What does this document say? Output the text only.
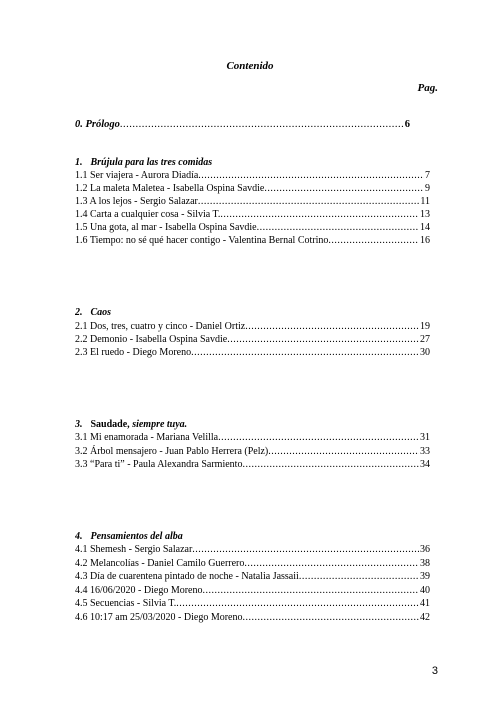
Contenido
Pag.
6
0. Prólogo
.....
1. Brújula para las tres comidas
7
1.1 Ser viajera - Aurora Diadía
.....
9
1.2 La maleta Maletea - Isabella Ospina Savdie
.....
11
1.3 A los lejos - Sergio Salazar
.....
13
1.4 Carta a cualquier cosa - Silvia T.
.....
14
1.5 Una gota, al mar - Isabella Ospina Savdie
.....
16
1.6 Tiempo: no sé qué hacer contigo - Valentina Bernal Cotrino
.....
2. Caos
19
2.1 Dos, tres, cuatro y cinco - Daniel Ortiz
.....
27
2.2 Demonio - Isabella Ospina Savdie
.....
30
2.3 El ruedo - Diego Moreno
.....
3. Saudade, siempre tuya.
31
3.1 Mi enamorada - Mariana Velilla
.....
33
3.2 Árbol mensajero - Juan Pablo Herrera (Pelz)
.....
34
3.3 “Para ti” - Paula Alexandra Sarmiento
.....
4. Pensamientos del alba
36
4.1 Shemesh - Sergio Salazar
.....
38
4.2 Melancolías - Daniel Camilo Guerrero
.....
39
4.3 Día de cuarentena pintado de noche - Natalia Jassaii
.....
40
4.4 16/06/2020 - Diego Moreno
.....
41
4.5 Secuencias - Silvia T.
.....
42
4.6 10:17 am 25/03/2020 - Diego Moreno
.....
3
